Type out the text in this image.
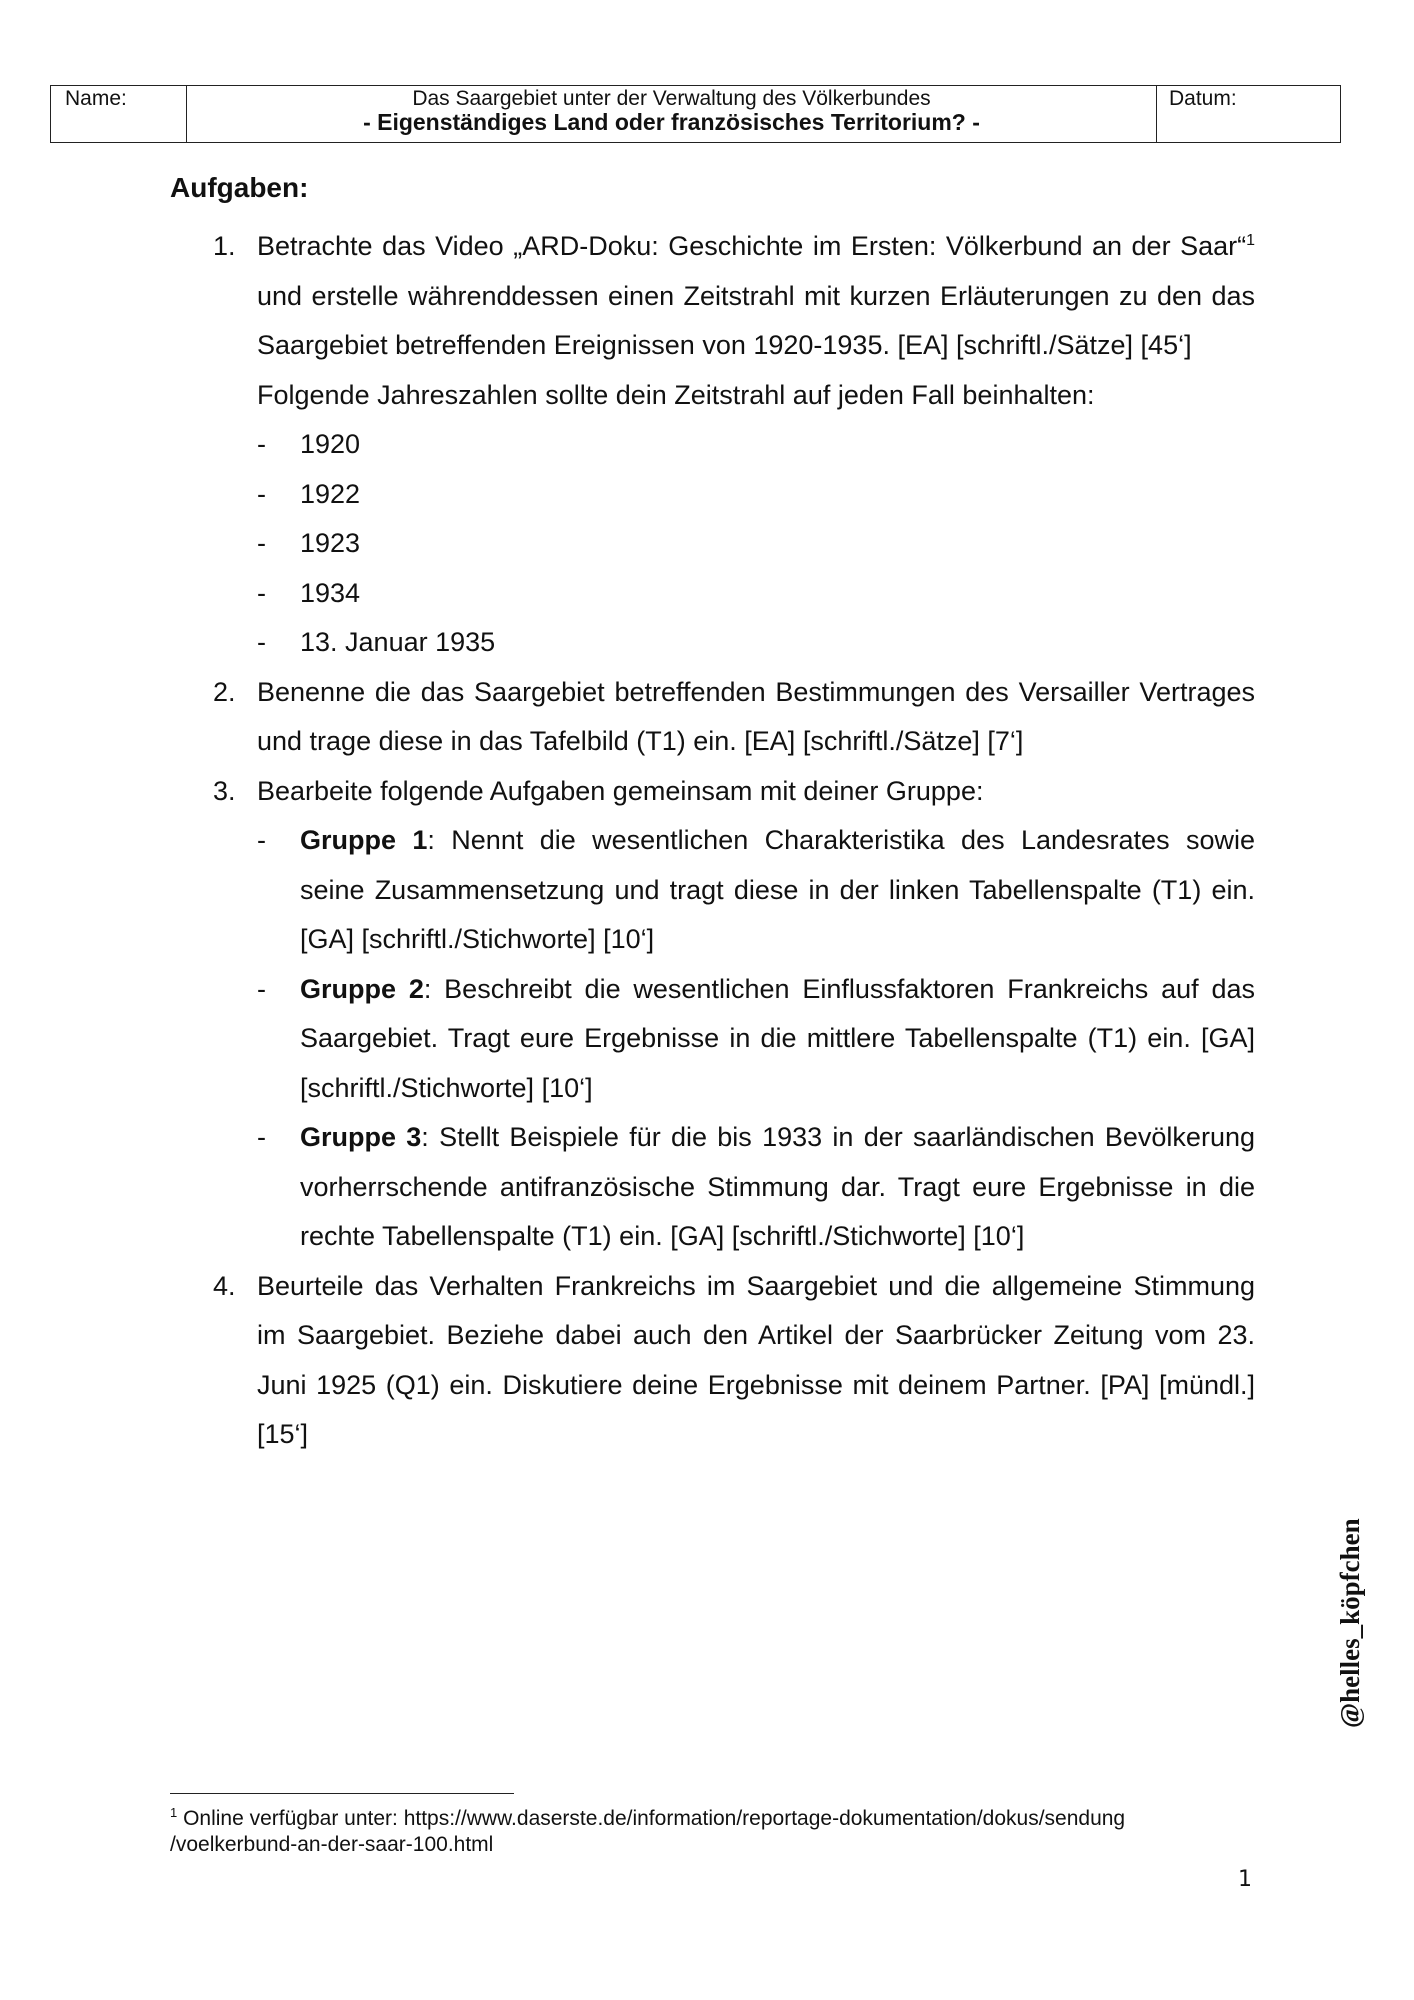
Name:	Das Saargebiet unter der Verwaltung des Völkerbundes
- Eigenständiges Land oder französisches Territorium? -
Datum:
Aufgaben:
1. Betrachte das Video „ARD-Doku: Geschichte im Ersten: Völkerbund an der Saar“$^1$ und erstelle währenddessen einen Zeitstrahl mit kurzen Erläuterungen zu den das Saargebiet betreffenden Ereignissen von 1920-1935. [EA] [schriftl./Sätze] [45‘]

Folgende Jahreszahlen sollte dein Zeitstrahl auf jeden Fall beinhalten:

- 1920
- 1922
- 1923
- 1934
- 13. Januar 1935
2. Benenne die das Saargebiet betreffenden Bestimmungen des Versailler Vertrages und trage diese in das Tafelbild (T1) ein. [EA] [schriftl./Sätze] [7‘]

3. Bearbeite folgende Aufgaben gemeinsam mit deiner Gruppe:

- Gruppe 1: Nennt die wesentlichen Charakteristika des Landesrates sowie seine Zusammensetzung und tragt diese in der linken Tabellenspalte (T1) ein. [GA] [schriftl./Stichworte] [10‘]
- Gruppe 2: Beschreibt die wesentlichen Einflussfaktoren Frankreichs auf das Saargebiet. Tragt eure Ergebnisse in die mittlere Tabellenspalte (T1) ein. [GA] [schriftl./Stichworte] [10‘]
- Gruppe 3: Stellt Beispiele für die bis 1933 in der saarländischen Bevölkerung vorherrschende antifranzösische Stimmung dar. Tragt eure Ergebnisse in die rechte Tabellenspalte (T1) ein. [GA] [schriftl./Stichworte] [10‘]
4. Beurteile das Verhalten Frankreichs im Saargebiet und die allgemeine Stimmung im Saargebiet. Beziehe dabei auch den Artikel der Saarbrücker Zeitung vom 23. Juni 1925 (Q1) ein. Diskutiere deine Ergebnisse mit deinem Partner. [PA] [mündl.] [15‘]

$^1$ Online verfügbar unter: https://www.daserste.de/information/reportage-dokumentation/dokus/sendung /voelkerbund-an-der-saar-100.html
1
@helles_köpfchen
